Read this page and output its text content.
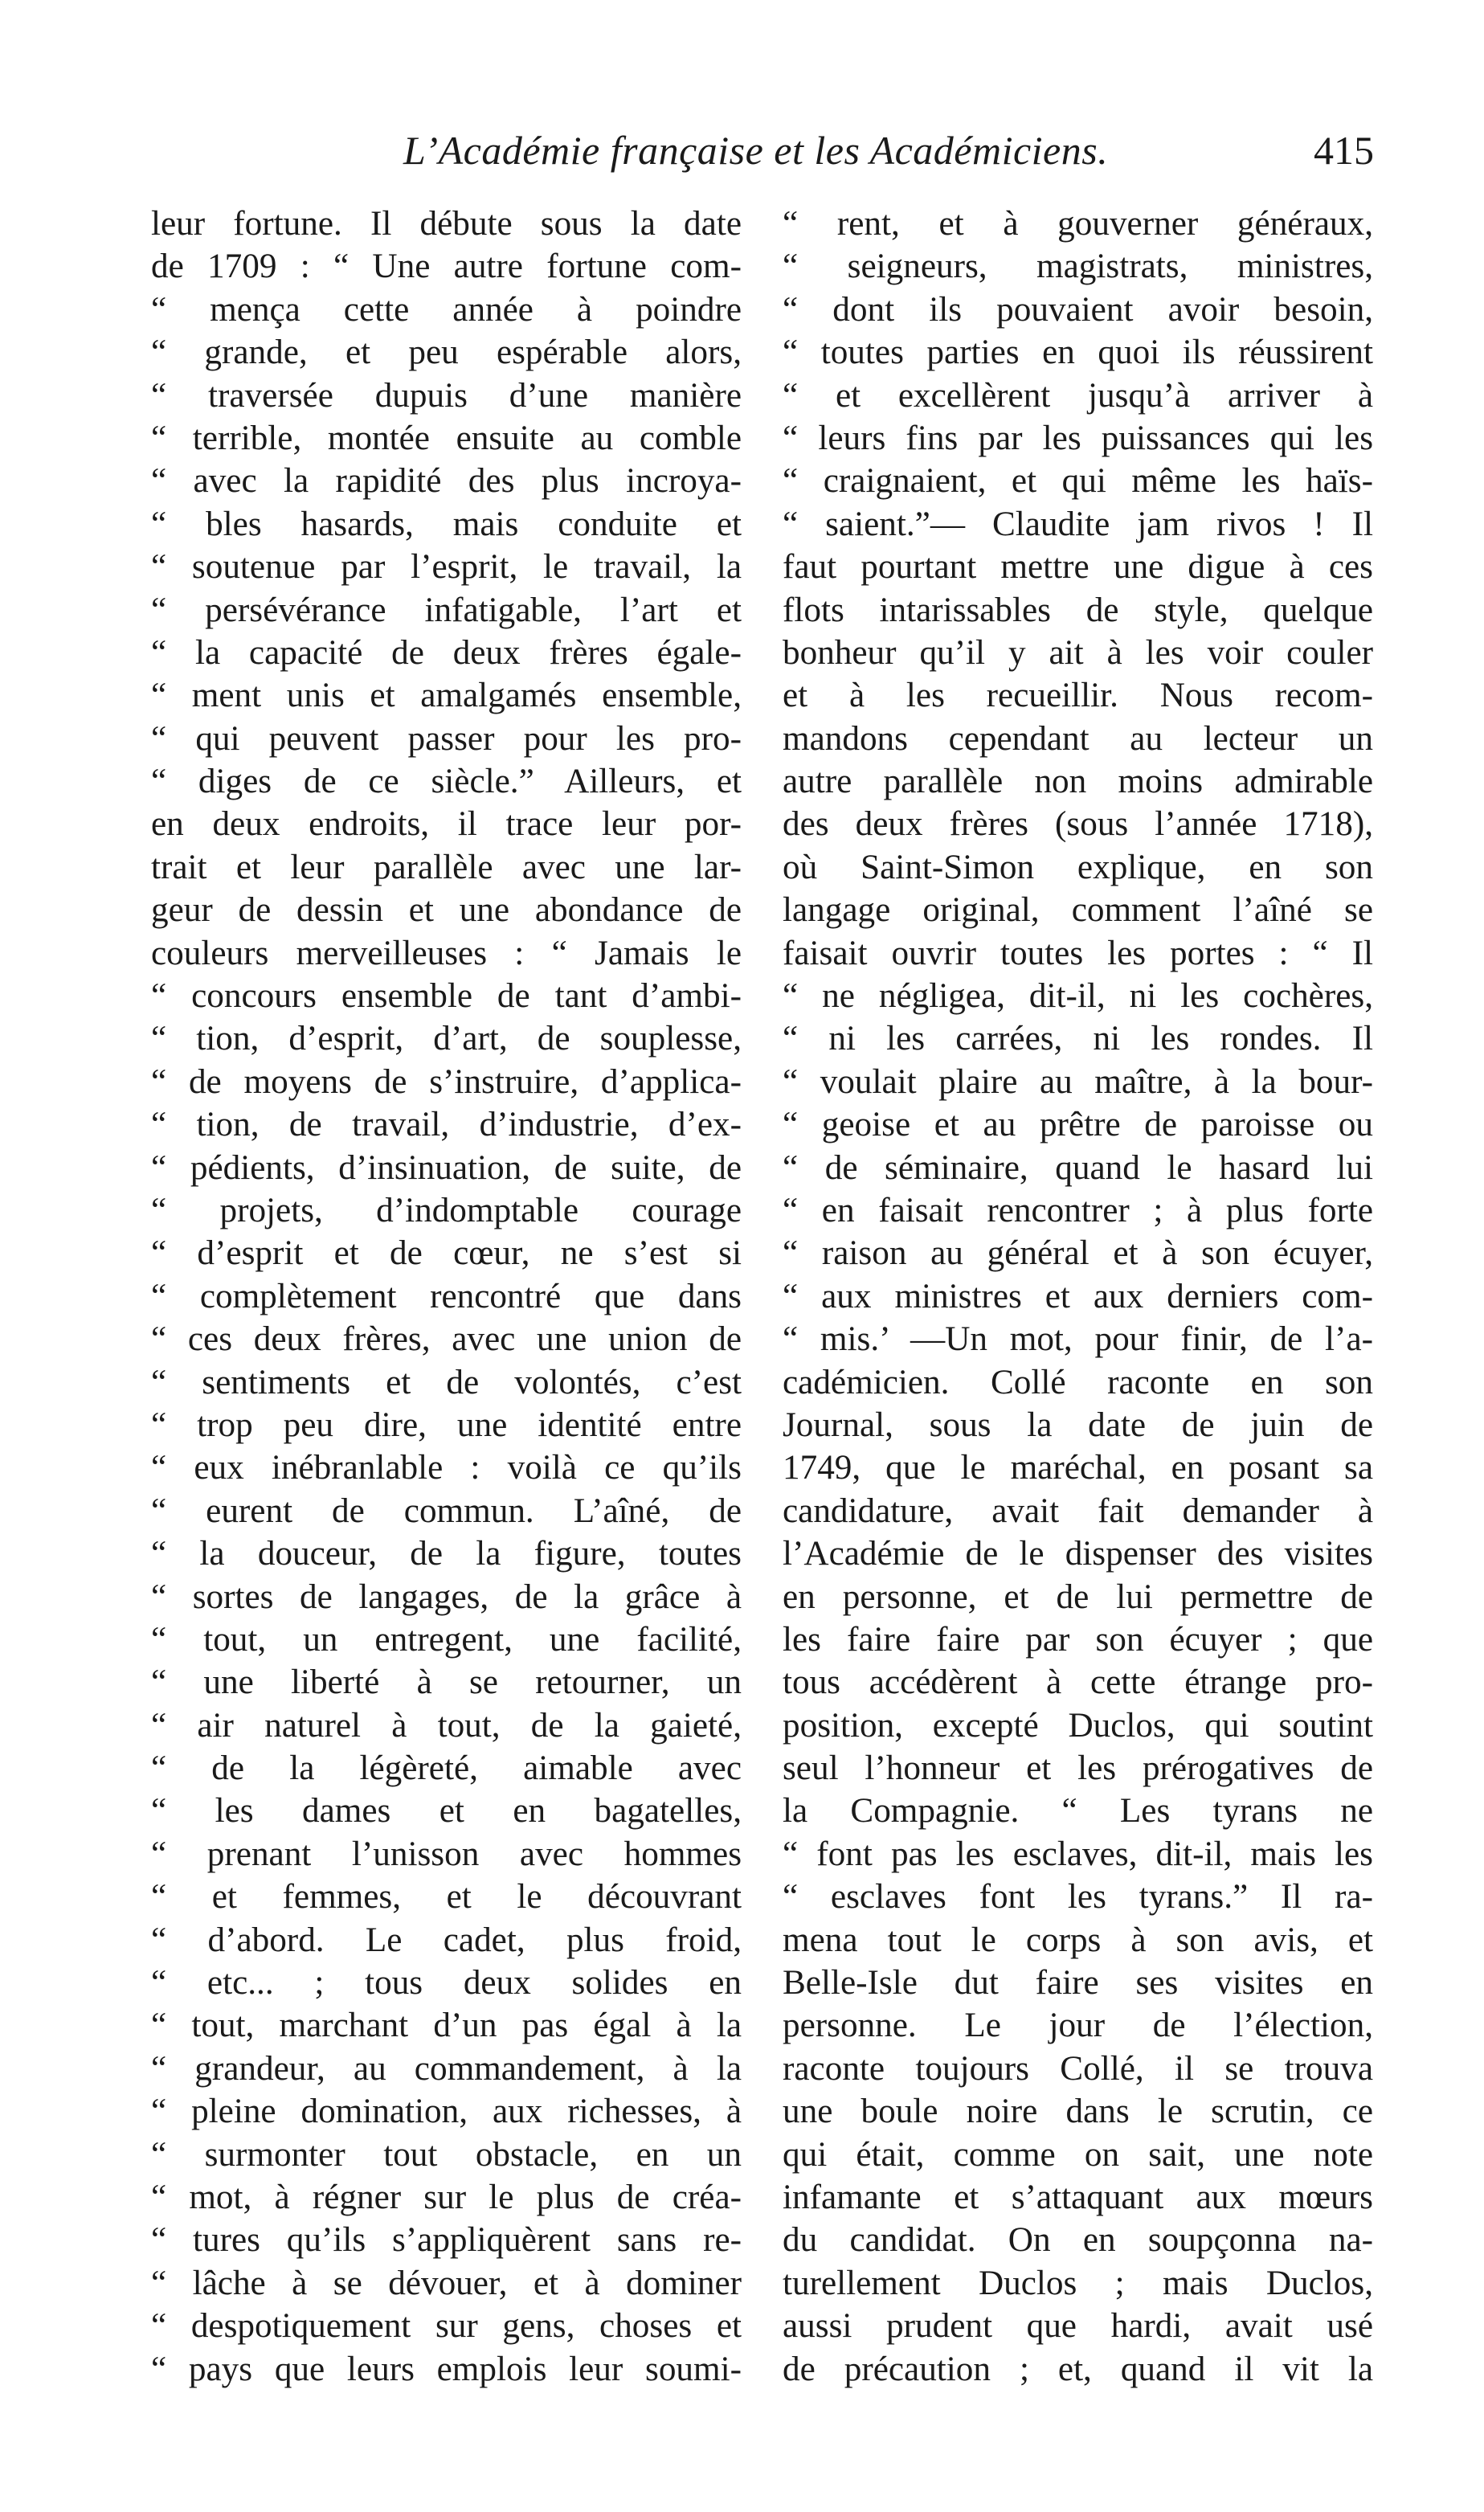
L’Académie française et les Académiciens.	415
leur fortune. Il débute sous la date
de 1709 : “ Une autre fortune com-
“ mença cette année à poindre
“ grande, et peu espérable alors,
“ traversée dupuis d’une manière
“ terrible, montée ensuite au comble
“ avec la rapidité des plus incroya-
“ bles hasards, mais conduite et
“ soutenue par l’esprit, le travail, la
“ persévérance infatigable, l’art et
“ la capacité de deux frères égale-
“ ment unis et amalgamés ensemble,
“ qui peuvent passer pour les pro-
“ diges de ce siècle.” Ailleurs, et
en deux endroits, il trace leur por-
trait et leur parallèle avec une lar-
geur de dessin et une abondance de
couleurs merveilleuses : “ Jamais le
“ concours ensemble de tant d’ambi-
“ tion, d’esprit, d’art, de souplesse,
“ de moyens de s’instruire, d’applica-
“ tion, de travail, d’industrie, d’ex-
“ pédients, d’insinuation, de suite, de
“ projets, d’indomptable courage
“ d’esprit et de cœur, ne s’est si
“ complètement rencontré que dans
“ ces deux frères, avec une union de
“ sentiments et de volontés, c’est
“ trop peu dire, une identité entre
“ eux inébranlable : voilà ce qu’ils
“ eurent de commun. L’aîné, de
“ la douceur, de la figure, toutes
“ sortes de langages, de la grâce à
“ tout, un entregent, une facilité,
“ une liberté à se retourner, un
“ air naturel à tout, de la gaieté,
“ de la légèreté, aimable avec
“ les dames et en bagatelles,
“ prenant l’unisson avec hommes
“ et femmes, et le découvrant
“ d’abord. Le cadet, plus froid,
“ etc... ; tous deux solides en
“ tout, marchant d’un pas égal à la
“ grandeur, au commandement, à la
“ pleine domination, aux richesses, à
“ surmonter tout obstacle, en un
“ mot, à régner sur le plus de créa-
“ tures qu’ils s’appliquèrent sans re-
“ lâche à se dévouer, et à dominer
“ despotiquement sur gens, choses et
“ pays que leurs emplois leur soumi-
“ rent, et à gouverner généraux,
“ seigneurs, magistrats, ministres,
“ dont ils pouvaient avoir besoin,
“ toutes parties en quoi ils réussirent
“ et excellèrent jusqu’à arriver à
“ leurs fins par les puissances qui les
“ craignaient, et qui même les haïs-
“ saient.”— Claudite jam rivos ! Il
faut pourtant mettre une digue à ces
flots intarissables de style, quelque
bonheur qu’il y ait à les voir couler
et à les recueillir. Nous recom-
mandons cependant au lecteur un
autre parallèle non moins admirable
des deux frères (sous l’année 1718),
où Saint-Simon explique, en son
langage original, comment l’aîné se
faisait ouvrir toutes les portes : “ Il
“ ne négligea, dit-il, ni les cochères,
“ ni les carrées, ni les rondes. Il
“ voulait plaire au maître, à la bour-
“ geoise et au prêtre de paroisse ou
“ de séminaire, quand le hasard lui
“ en faisait rencontrer ; à plus forte
“ raison au général et à son écuyer,
“ aux ministres et aux derniers com-
“ mis.’ —Un mot, pour finir, de l’a-
cadémicien. Collé raconte en son
Journal, sous la date de juin de
1749, que le maréchal, en posant sa
candidature, avait fait demander à
l’Académie de le dispenser des visites
en personne, et de lui permettre de
les faire faire par son écuyer ; que
tous accédèrent à cette étrange pro-
position, excepté Duclos, qui soutint
seul l’honneur et les prérogatives de
la Compagnie. “ Les tyrans ne
“ font pas les esclaves, dit-il, mais les
“ esclaves font les tyrans.” Il ra-
mena tout le corps à son avis, et
Belle-Isle dut faire ses visites en
personne. Le jour de l’élection,
raconte toujours Collé, il se trouva
une boule noire dans le scrutin, ce
qui était, comme on sait, une note
infamante et s’attaquant aux mœurs
du candidat. On en soupçonna na-
turellement Duclos ; mais Duclos,
aussi prudent que hardi, avait usé
de précaution ; et, quand il vit la
